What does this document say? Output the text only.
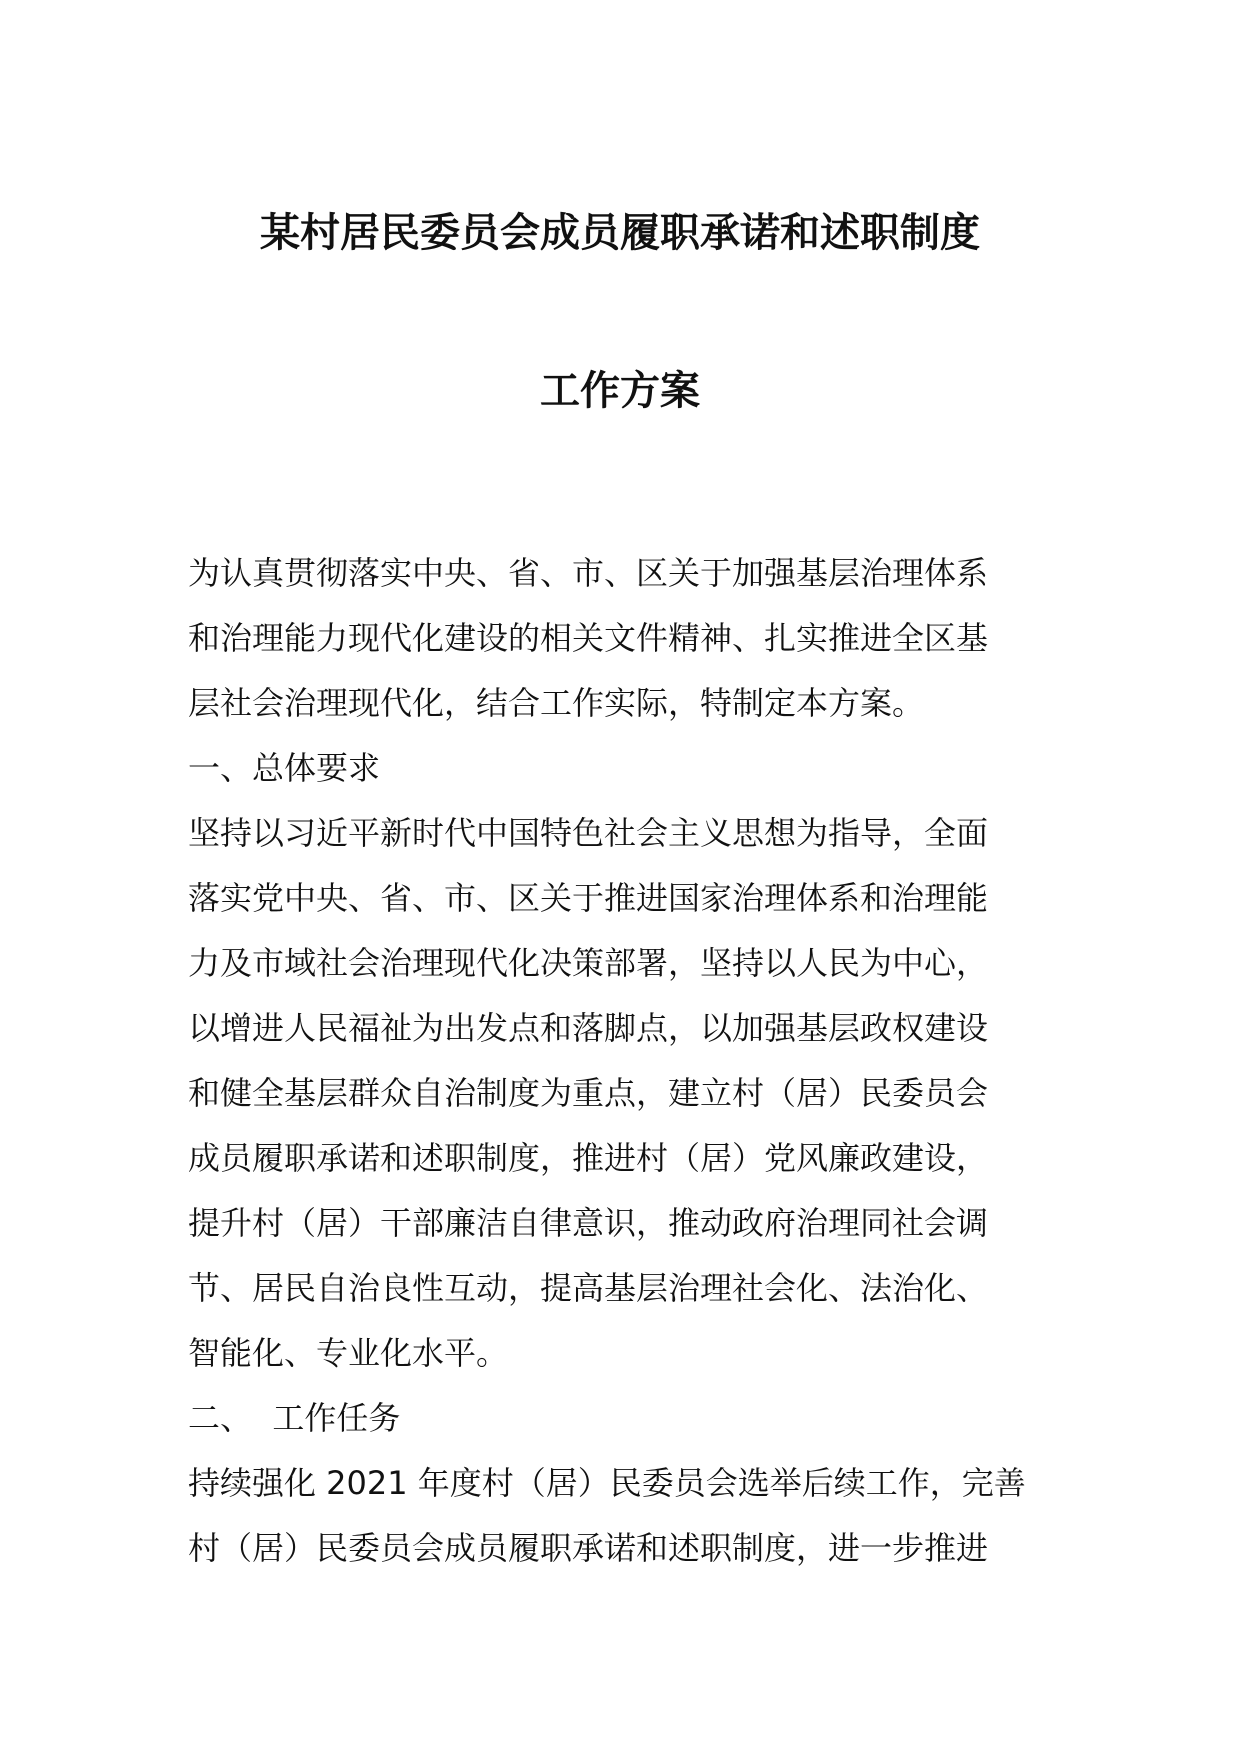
某村居民委员会成员履职承诺和述职制度
工作方案
为认真贯彻落实中央、省、市、区关于加强基层治理体系
和治理能力现代化建设的相关文件精神、扎实推进全区基
层社会治理现代化，结合工作实际，特制定本方案。
一、总体要求
坚持以习近平新时代中国特色社会主义思想为指导，全面
落实党中央、省、市、区关于推进国家治理体系和治理能
力及市域社会治理现代化决策部署，坚持以人民为中心，
以增进人民福祉为出发点和落脚点，以加强基层政权建设
和健全基层群众自治制度为重点，建立村（居）民委员会
成员履职承诺和述职制度，推进村（居）党风廉政建设，
提升村（居）干部廉洁自律意识，推动政府治理同社会调
节、居民自治良性互动，提高基层治理社会化、法治化、
智能化、专业化水平。
二、  工作任务
持续强化 2021 年度村（居）民委员会选举后续工作，完善
村（居）民委员会成员履职承诺和述职制度，进一步推进
